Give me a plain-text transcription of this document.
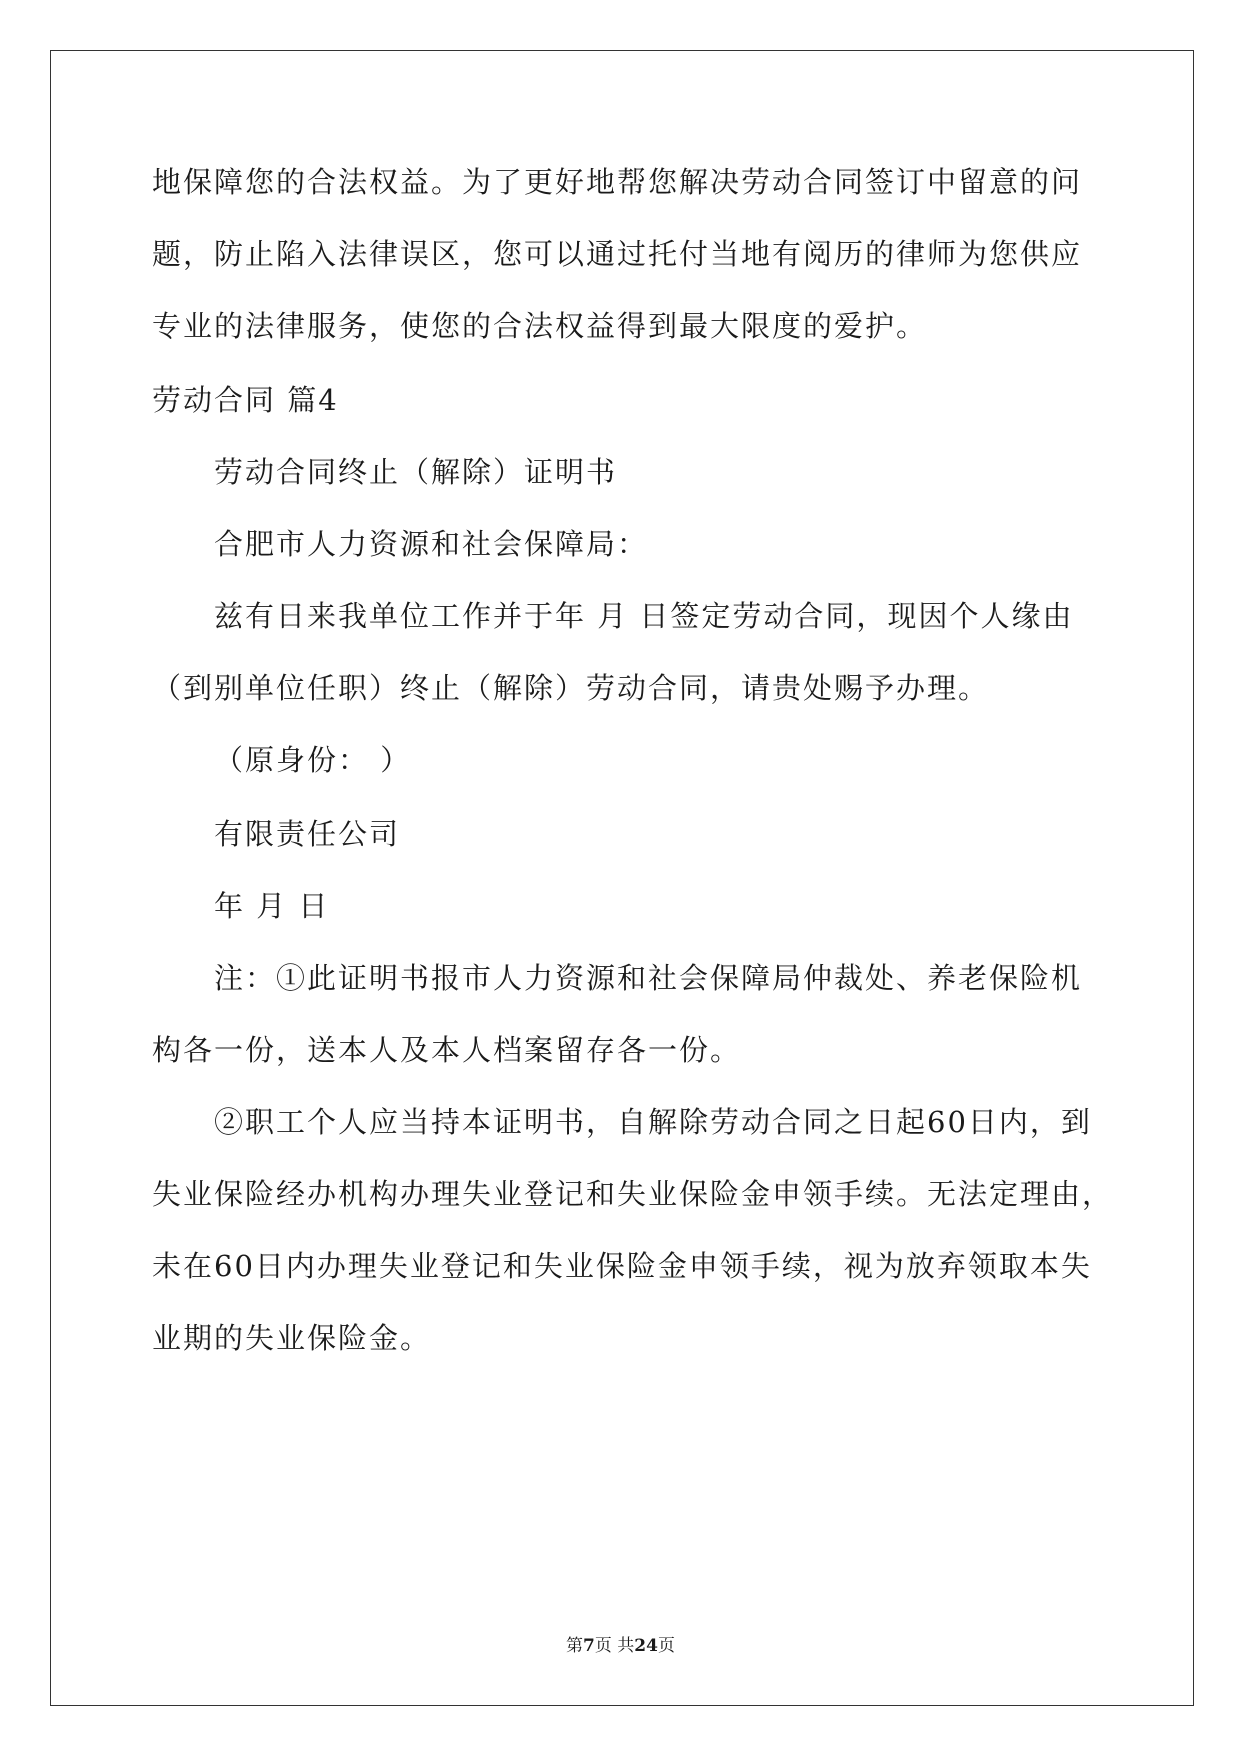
地保障您的合法权益。为了更好地帮您解决劳动合同签订中留意的问
题，防止陷入法律误区，您可以通过托付当地有阅历的律师为您供应
专业的法律服务，使您的合法权益得到最大限度的爱护。
劳动合同 篇4
劳动合同终止（解除）证明书
合肥市人力资源和社会保障局：
兹有日来我单位工作并于年 月 日签定劳动合同，现因个人缘由
（到别单位任职）终止（解除）劳动合同，请贵处赐予办理。
（原身份： ）
有限责任公司
年 月 日
注：①此证明书报市人力资源和社会保障局仲裁处、养老保险机
构各一份，送本人及本人档案留存各一份。
②职工个人应当持本证明书，自解除劳动合同之日起60日内，到
失业保险经办机构办理失业登记和失业保险金申领手续。无法定理由，
未在60日内办理失业登记和失业保险金申领手续，视为放弃领取本失
业期的失业保险金。
第7页 共24页
